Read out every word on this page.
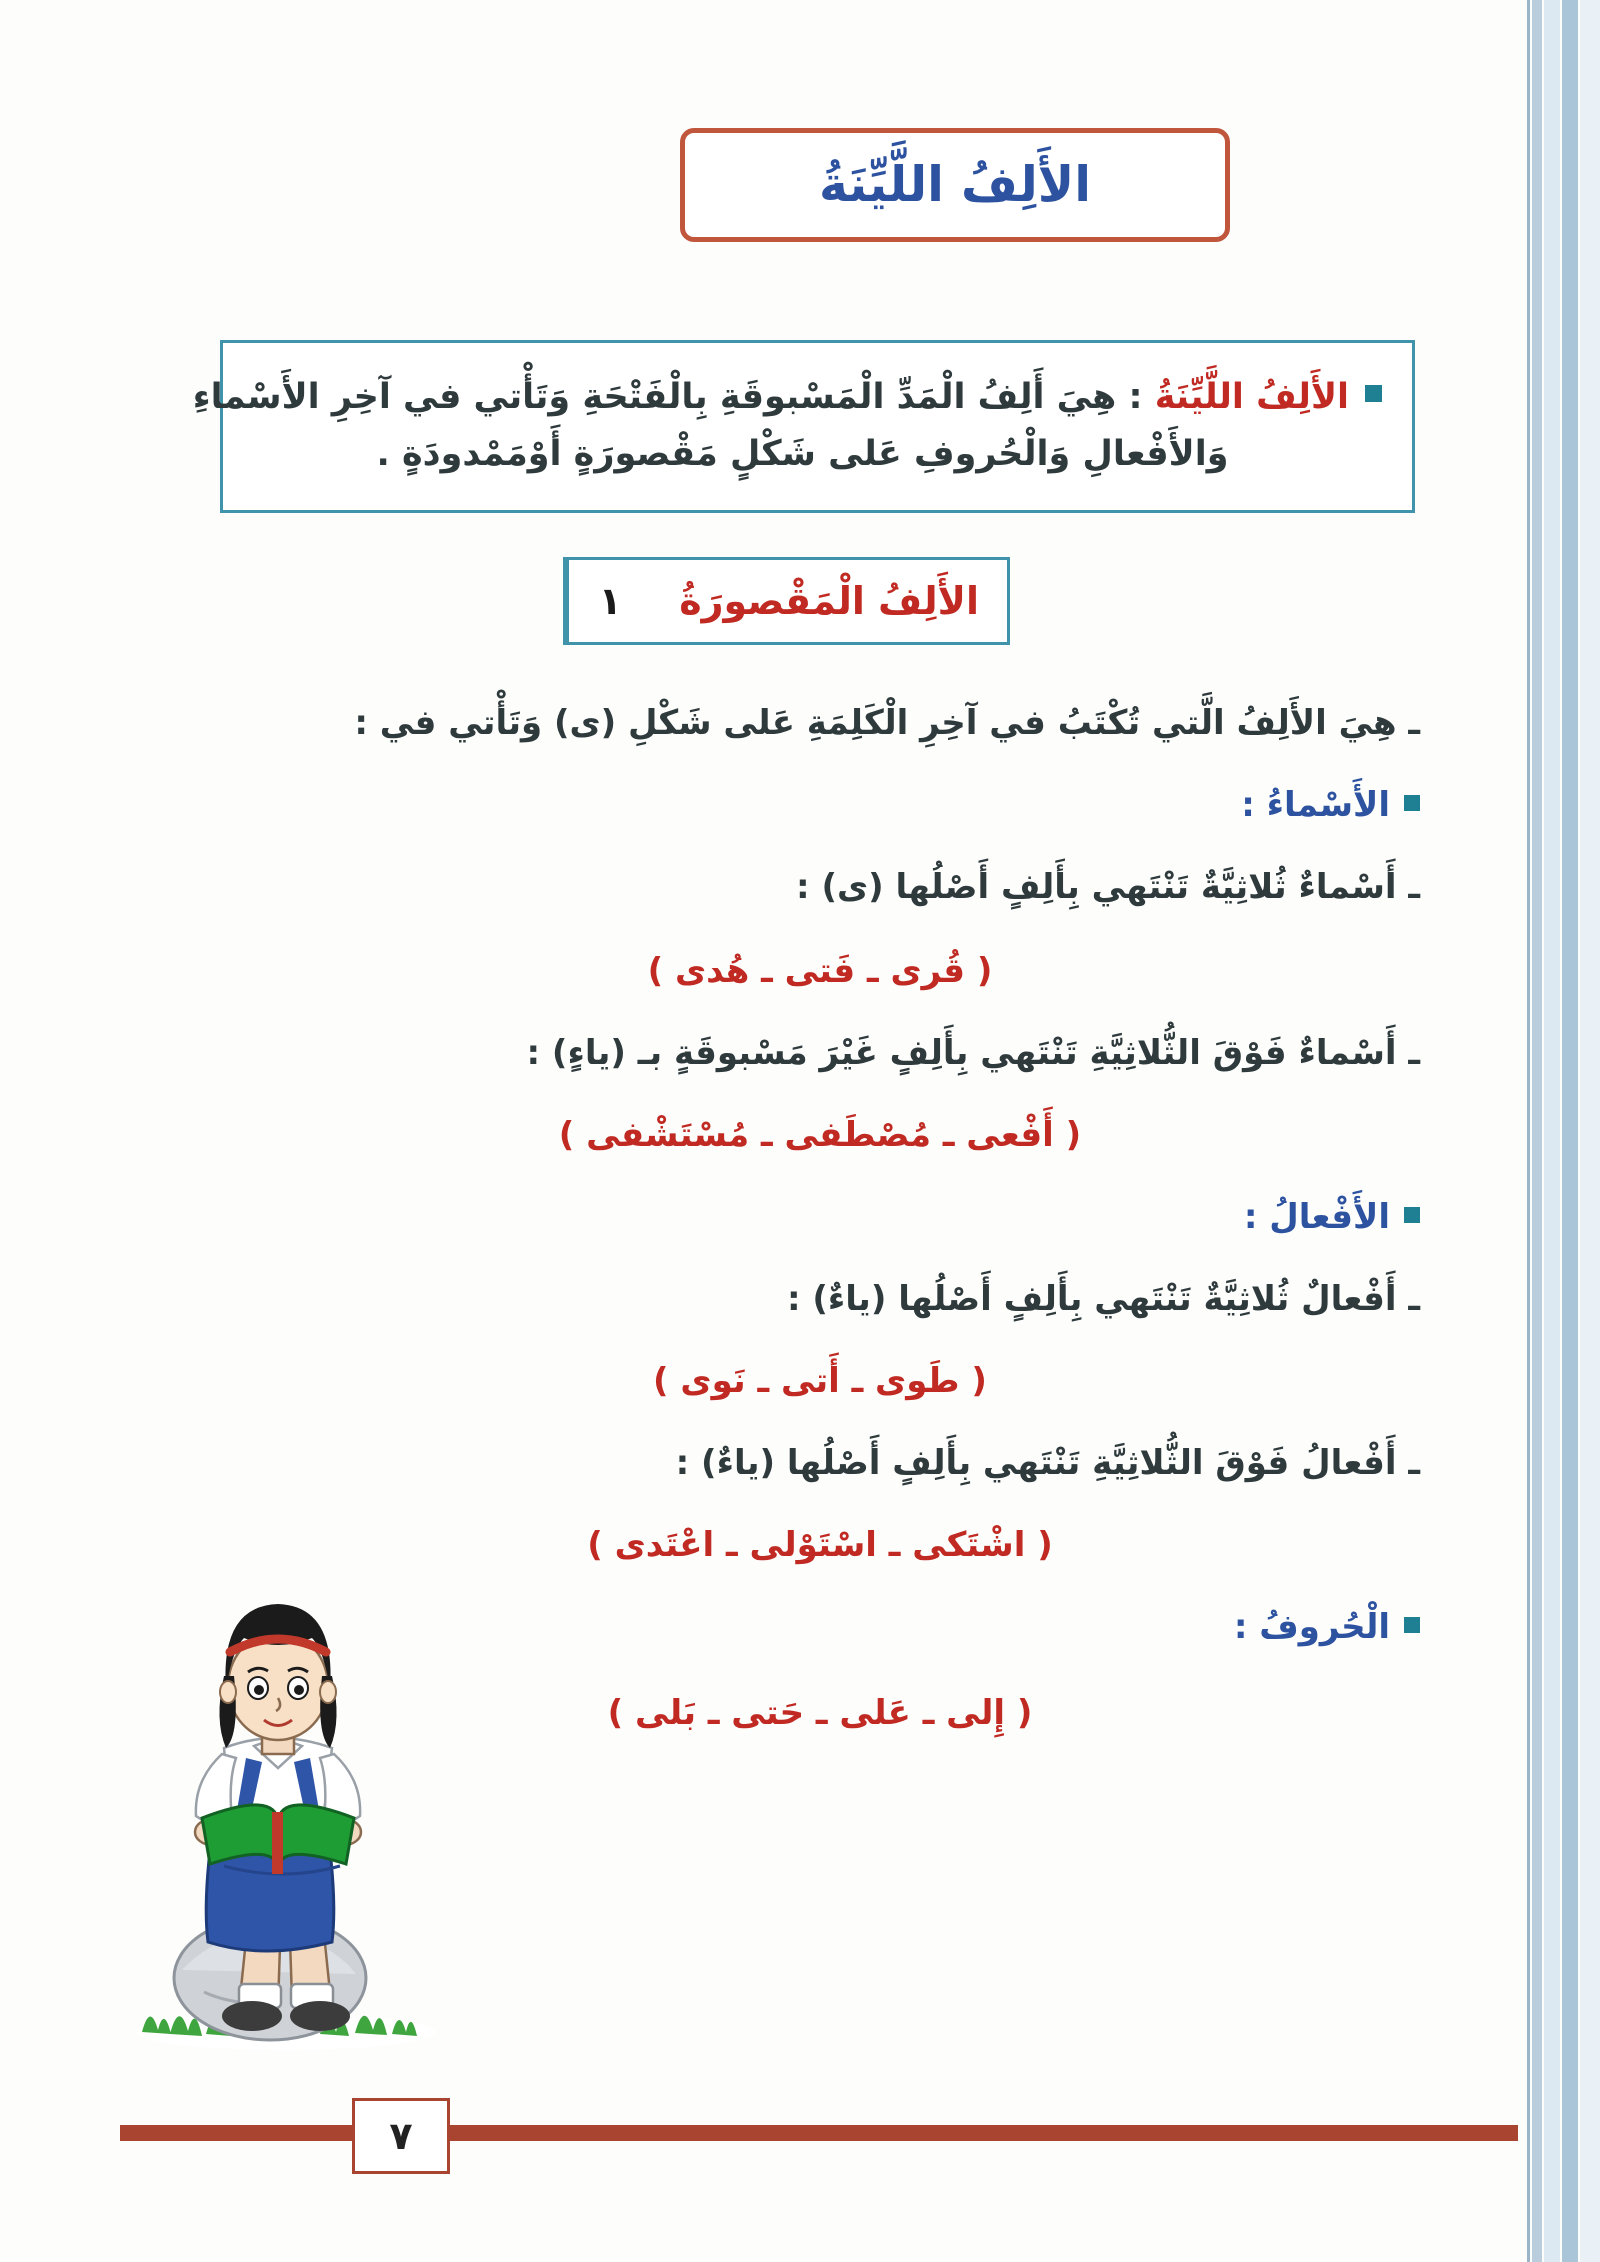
الأَلِفُ اللَّيِّنَةُ
الأَلِفُ اللَّيِّنَةُ : هِيَ أَلِفُ الْمَدِّ الْمَسْبوقَةِ بِالْفَتْحَةِ وَتَأْتي في آخِرِ الأَسْماءِ
وَالأَفْعالِ وَالْحُروفِ عَلى شَكْلٍ مَقْصورَةٍ أَوْمَمْدودَةٍ .
الأَلِفُ الْمَقْصورَةُ
١
ـ هِيَ الأَلِفُ الَّتي تُكْتَبُ في آخِرِ الْكَلِمَةِ عَلى شَكْلِ (ى) وَتَأْتي في :
الأَسْماءُ :
ـ أَسْماءٌ ثُلاثِيَّةٌ تَنْتَهي بِأَلِفٍ أَصْلُها (ى) :
( قُرى ـ فَتى ـ هُدى )
ـ أَسْماءٌ فَوْقَ الثُّلاثِيَّةِ تَنْتَهي بِأَلِفٍ غَيْرَ مَسْبوقَةٍ بـ (ياءٍ) :
( أَفْعى ـ مُصْطَفى ـ مُسْتَشْفى )
الأَفْعالُ :
ـ أَفْعالٌ ثُلاثِيَّةٌ تَنْتَهي بِأَلِفٍ أَصْلُها (ياءٌ) :
( طَوى ـ أَتى ـ نَوى )
ـ أَفْعالُ فَوْقَ الثُّلاثِيَّةِ تَنْتَهي بِأَلِفٍ أَصْلُها (ياءٌ) :
( اشْتَكى ـ اسْتَوْلى ـ اعْتَدى )
الْحُروفُ :
( إِلى ـ عَلى ـ حَتى ـ بَلى )
٧
